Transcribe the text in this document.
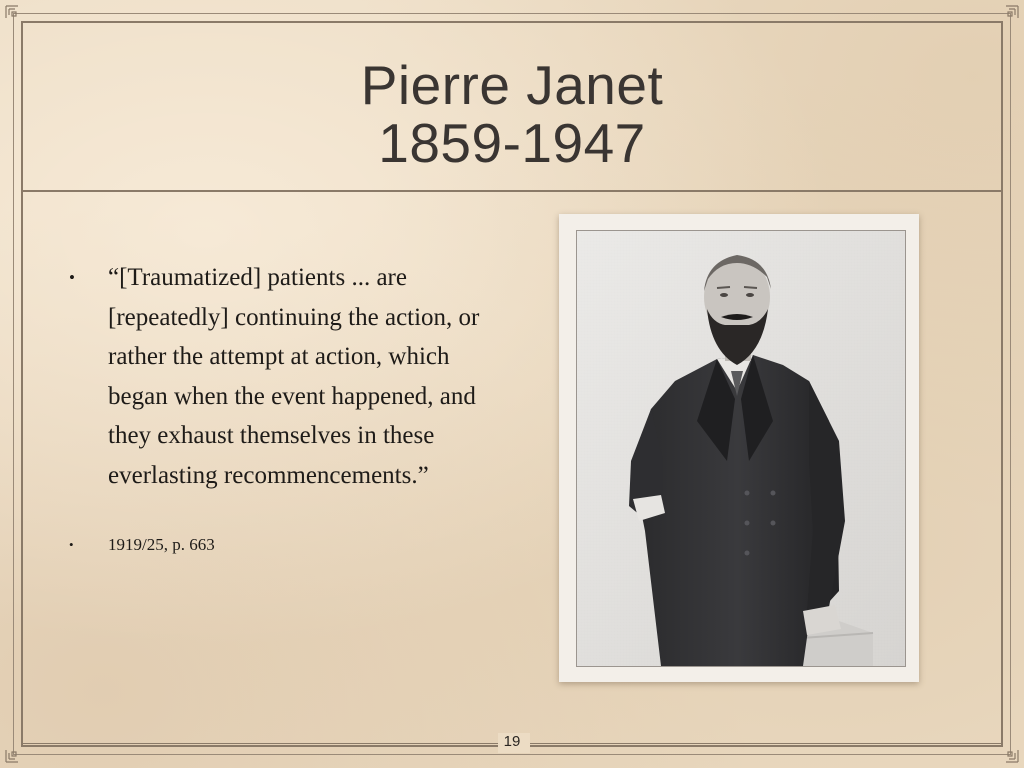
Pierre Janet
1859-1947
• “[Traumatized] patients ... are [repeatedly] continuing the action, or rather the attempt at action, which began when the event happened, and they exhaust themselves in these everlasting recommencements.”
• 1919/25, p. 663
19
